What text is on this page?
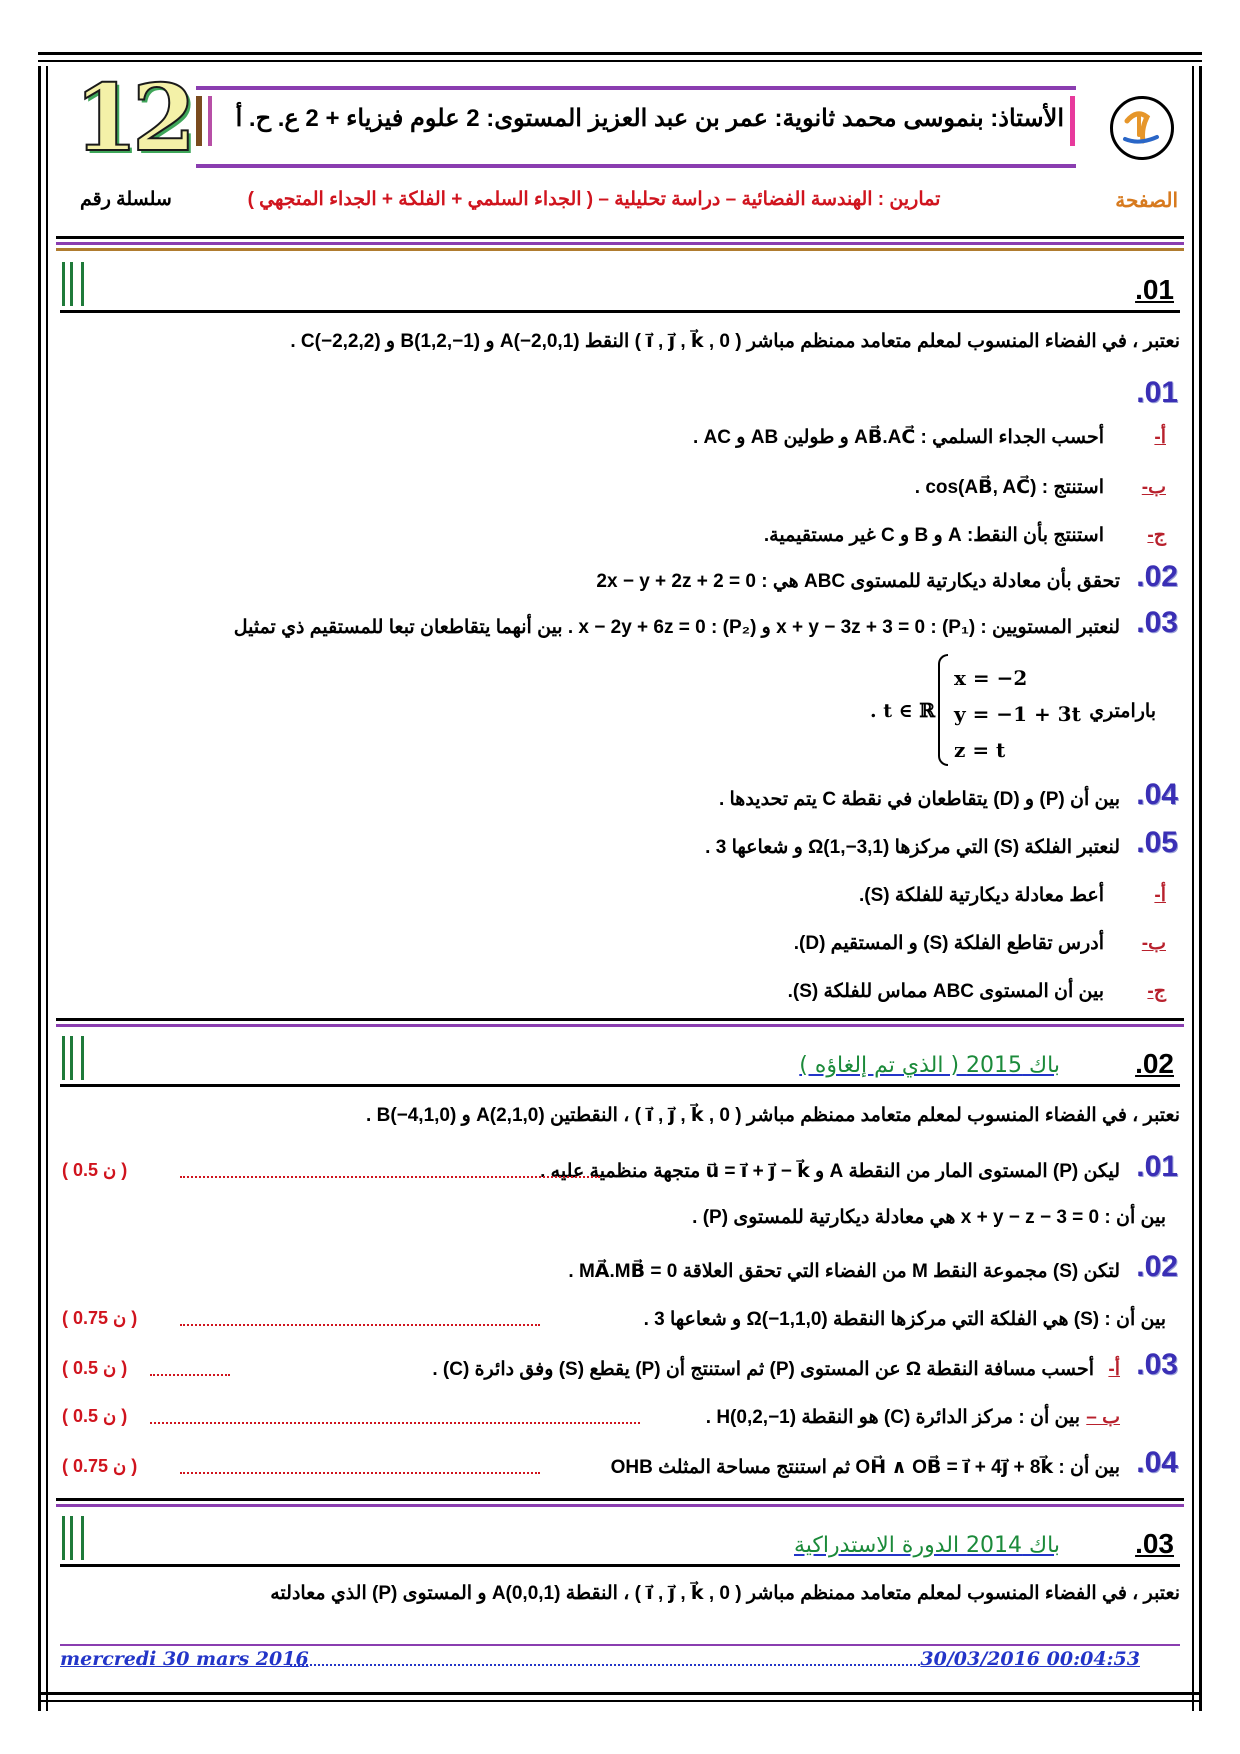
12	الأستاذ: بنموسى محمد ثانوية: عمر بن عبد العزيز المستوى: 2 علوم فيزياء + 2 ع. ح. أ
الصفحة
تمارين : الهندسة الفضائية – دراسة تحليلية – ( الجداء السلمي + الفلكة + الجداء المتجهي )
سلسلة رقم
.01
نعتبر ، في الفضاء المنسوب لمعلم متعامد ممنظم مباشر ( 0 , i⃗ , j⃗ , k⃗ ) النقط A(−2,0,1) و B(1,2,−1) و C(−2,2,2) .
.01
أ-
أحسب الجداء السلمي : AB⃗.AC⃗ و طولين AB و AC .
ب-
استنتج : cos(AB⃗, AC⃗) .
ج-
استنتج بأن النقط: A و B و C غير مستقيمية.
.02
تحقق بأن معادلة ديكارتية للمستوى ABC هي : 2x − y + 2z + 2 = 0
.03
لنعتبر المستويين : (P₁) : x + y − 3z + 3 = 0 و (P₂) : x − 2y + 6z = 0 . بين أنهما يتقاطعان تبعا للمستقيم ذي تمثيل
بارامتري
x = −2
y = −1 + 3t
z = t
. t ∈ ℝ
.04
بين أن (P) و (D) يتقاطعان في نقطة C يتم تحديدها .
.05
لنعتبر الفلكة (S) التي مركزها Ω(1,−3,1) و شعاعها 3 .
أ-
أعط معادلة ديكارتية للفلكة (S).
ب-
أدرس تقاطع الفلكة (S) و المستقيم (D).
ج-
بين أن المستوى ABC مماس للفلكة (S).
باك 2015 ( الذي تم إلغاؤه )	.02
نعتبر ، في الفضاء المنسوب لمعلم متعامد ممنظم مباشر ( 0 , i⃗ , j⃗ , k⃗ ) ، النقطتين A(2,1,0) و B(−4,1,0) .
.01
ليكن (P) المستوى المار من النقطة A و u⃗ = i⃗ + j⃗ − k⃗ متجهة منظمية عليه .
( 0.5 ن )
بين أن : x + y − z − 3 = 0 هي معادلة ديكارتية للمستوى (P) .
.02
لتكن (S) مجموعة النقط M من الفضاء التي تحقق العلاقة MA⃗.MB⃗ = 0 .
بين أن : (S) هي الفلكة التي مركزها النقطة Ω(−1,1,0) و شعاعها 3 .
( 0.75 ن )
.03
أ-
أحسب مسافة النقطة Ω عن المستوى (P) ثم استنتج أن (P) يقطع (S) وفق دائرة (C) .
( 0.5 ن )
ب –
بين أن : مركز الدائرة (C) هو النقطة H(0,2,−1) .
( 0.5 ن )
.04
بين أن : OH⃗ ∧ OB⃗ = i⃗ + 4j⃗ + 8k⃗ ثم استنتج مساحة المثلث OHB
( 0.75 ن )
باك 2014 الدورة الاستدراكية	.03
نعتبر ، في الفضاء المنسوب لمعلم متعامد ممنظم مباشر ( 0 , i⃗ , j⃗ , k⃗ ) ، النقطة A(0,0,1) و المستوى (P) الذي معادلته
mercredi 30 mars 2016	30/03/2016 00:04:53
